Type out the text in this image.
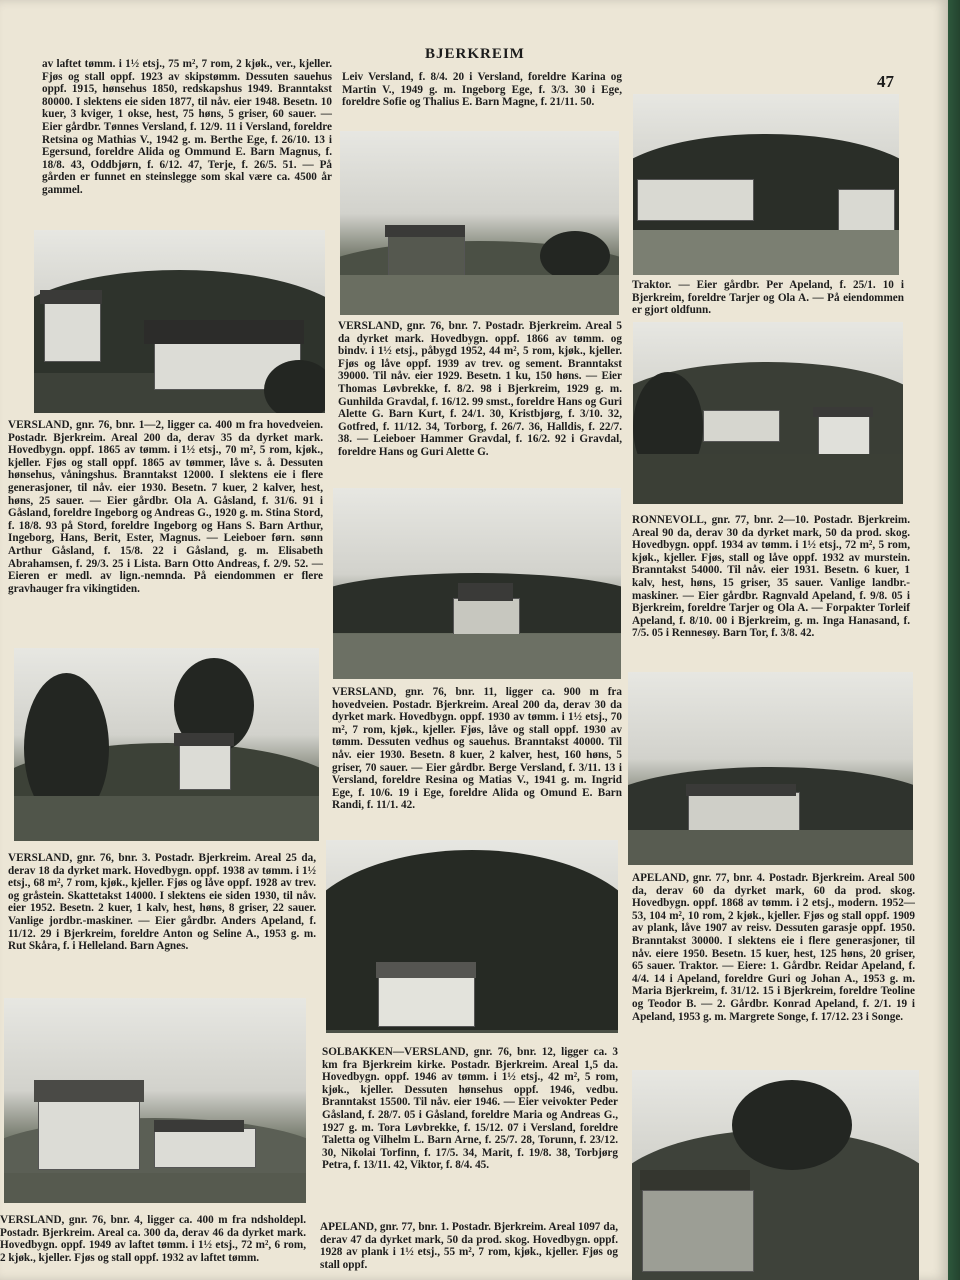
BJERKREIM
47

av laftet tømm. i 1½ etsj., 75 m², 7 rom, 2 kjøk., ver., kjeller. Fjøs og stall oppf. 1923 av skipstømm. Dessuten sauehus oppf. 1915, hønsehus 1850, redskapshus 1949. Branntakst 80000. I slektens eie siden 1877, til nåv. eier 1948. Besetn. 10 kuer, 3 kviger, 1 okse, hest, 75 høns, 5 griser, 60 sauer. — Eier gårdbr. Tønnes Versland, f. 12/9. 11 i Versland, foreldre Retsina og Mathias V., 1942 g. m. Berthe Ege, f. 26/10. 13 i Egersund, foreldre Alida og Ommund E. Barn Magnus, f. 18/8. 43, Oddbjørn, f. 6/12. 47, Terje, f. 26/5. 51. — På gården er funnet en steinslegge som skal være ca. 4500 år gammel.

VERSLAND, gnr. 76, bnr. 1—2, ligger ca. 400 m fra hovedveien. Postadr. Bjerkreim. Areal 200 da, derav 35 da dyrket mark. Hovedbygn. oppf. 1865 av tømm. i 1½ etsj., 70 m², 5 rom, kjøk., kjeller. Fjøs og stall oppf. 1865 av tømmer, låve s. å. Dessuten hønsehus, våningshus. Branntakst 12000. I slektens eie i flere generasjoner, til nåv. eier 1930. Besetn. 7 kuer, 2 kalver, hest, høns, 25 sauer. — Eier gårdbr. Ola A. Gåsland, f. 31/6. 91 i Gåsland, foreldre Ingeborg og Andreas G., 1920 g. m. Stina Stord, f. 18/8. 93 på Stord, foreldre Ingeborg og Hans S. Barn Arthur, Ingeborg, Hans, Berit, Ester, Magnus. — Leieboer førn. sønn Arthur Gåsland, f. 15/8. 22 i Gåsland, g. m. Elisabeth Abrahamsen, f. 29/3. 25 i Lista. Barn Otto Andreas, f. 2/9. 52. — Eieren er medl. av lign.-nemnda. På eiendommen er flere gravhauger fra vikingtiden.

VERSLAND, gnr. 76, bnr. 3. Postadr. Bjerkreim. Areal 25 da, derav 18 da dyrket mark. Hovedbygn. oppf. 1938 av tømm. i 1½ etsj., 68 m², 7 rom, kjøk., kjeller. Fjøs og låve oppf. 1928 av trev. og gråstein. Skattetakst 14000. I slektens eie siden 1930, til nåv. eier 1952. Besetn. 2 kuer, 1 kalv, hest, høns, 8 griser, 22 sauer. Vanlige jordbr.-maskiner. — Eier gårdbr. Anders Apeland, f. 11/12. 29 i Bjerkreim, foreldre Anton og Seline A., 1953 g. m. Rut Skåra, f. i Helleland. Barn Agnes.

VERSLAND, gnr. 76, bnr. 4, ligger ca. 400 m fra ndsholdepl. Postadr. Bjerkreim. Areal ca. 300 da, derav 46 da dyrket mark. Hovedbygn. oppf. 1949 av laftet tømm. i 1½ etsj., 72 m², 6 rom, 2 kjøk., kjeller. Fjøs og stall oppf. 1932 av laftet tømm.

Leiv Versland, f. 8/4. 20 i Versland, foreldre Karina og Martin V., 1949 g. m. Ingeborg Ege, f. 3/3. 30 i Ege, foreldre Sofie og Thalius E. Barn Magne, f. 21/11. 50.

VERSLAND, gnr. 76, bnr. 7. Postadr. Bjerkreim. Areal 5 da dyrket mark. Hovedbygn. oppf. 1866 av tømm. og bindv. i 1½ etsj., påbygd 1952, 44 m², 5 rom, kjøk., kjeller. Fjøs og låve oppf. 1939 av trev. og sement. Branntakst 39000. Til nåv. eier 1929. Besetn. 1 ku, 150 høns. — Eier Thomas Løvbrekke, f. 8/2. 98 i Bjerkreim, 1929 g. m. Gunhilda Gravdal, f. 16/12. 99 smst., foreldre Hans og Guri Alette G. Barn Kurt, f. 24/1. 30, Kristbjørg, f. 3/10. 32, Gotfred, f. 11/12. 34, Torborg, f. 26/7. 36, Halldis, f. 22/7. 38. — Leieboer Hammer Gravdal, f. 16/2. 92 i Gravdal, foreldre Hans og Guri Alette G.

VERSLAND, gnr. 76, bnr. 11, ligger ca. 900 m fra hovedveien. Postadr. Bjerkreim. Areal 200 da, derav 30 da dyrket mark. Hovedbygn. oppf. 1930 av tømm. i 1½ etsj., 70 m², 7 rom, kjøk., kjeller. Fjøs, låve og stall oppf. 1930 av tømm. Dessuten vedhus og sauehus. Branntakst 40000. Til nåv. eier 1930. Besetn. 8 kuer, 2 kalver, hest, 160 høns, 5 griser, 70 sauer. — Eier gårdbr. Berge Versland, f. 3/11. 13 i Versland, foreldre Resina og Matias V., 1941 g. m. Ingrid Ege, f. 10/6. 19 i Ege, foreldre Alida og Omund E. Barn Randi, f. 11/1. 42.

SOLBAKKEN—VERSLAND, gnr. 76, bnr. 12, ligger ca. 3 km fra Bjerkreim kirke. Postadr. Bjerkreim. Areal 1,5 da. Hovedbygn. oppf. 1946 av tømm. i 1½ etsj., 42 m², 5 rom, kjøk., kjeller. Dessuten hønsehus oppf. 1946, vedbu. Branntakst 15500. Til nåv. eier 1946. — Eier veivokter Peder Gåsland, f. 28/7. 05 i Gåsland, foreldre Maria og Andreas G., 1927 g. m. Tora Løvbrekke, f. 15/12. 07 i Versland, foreldre Taletta og Vilhelm L. Barn Arne, f. 25/7. 28, Torunn, f. 23/12. 30, Nikolai Torfinn, f. 17/5. 34, Marit, f. 19/8. 38, Torbjørg Petra, f. 13/11. 42, Viktor, f. 8/4. 45.

APELAND, gnr. 77, bnr. 1. Postadr. Bjerkreim. Areal 1097 da, derav 47 da dyrket mark, 50 da prod. skog. Hovedbygn. oppf. 1928 av plank i 1½ etsj., 55 m², 7 rom, kjøk., kjeller. Fjøs og stall oppf.

Traktor. — Eier gårdbr. Per Apeland, f. 25/1. 10 i Bjerkreim, foreldre Tarjer og Ola A. — På eiendommen er gjort oldfunn.

RONNEVOLL, gnr. 77, bnr. 2—10. Postadr. Bjerkreim. Areal 90 da, derav 30 da dyrket mark, 50 da prod. skog. Hovedbygn. oppf. 1934 av tømm. i 1½ etsj., 72 m², 5 rom, kjøk., kjeller. Fjøs, stall og låve oppf. 1932 av murstein. Branntakst 54000. Til nåv. eier 1931. Besetn. 6 kuer, 1 kalv, hest, høns, 15 griser, 35 sauer. Vanlige landbr.-maskiner. — Eier gårdbr. Ragnvald Apeland, f. 9/8. 05 i Bjerkreim, foreldre Tarjer og Ola A. — Forpakter Torleif Apeland, f. 8/10. 00 i Bjerkreim, g. m. Inga Hanasand, f. 7/5. 05 i Rennesøy. Barn Tor, f. 3/8. 42.

APELAND, gnr. 77, bnr. 4. Postadr. Bjerkreim. Areal 500 da, derav 60 da dyrket mark, 60 da prod. skog. Hovedbygn. oppf. 1868 av tømm. i 2 etsj., modern. 1952—53, 104 m², 10 rom, 2 kjøk., kjeller. Fjøs og stall oppf. 1909 av plank, låve 1907 av reisv. Dessuten garasje oppf. 1950. Branntakst 30000. I slektens eie i flere generasjoner, til nåv. eiere 1950. Besetn. 15 kuer, hest, 125 høns, 20 griser, 65 sauer. Traktor. — Eiere: 1. Gårdbr. Reidar Apeland, f. 4/4. 14 i Apeland, foreldre Guri og Johan A., 1953 g. m. Maria Bjerkreim, f. 31/12. 15 i Bjerkreim, foreldre Teoline og Teodor B. — 2. Gårdbr. Konrad Apeland, f. 2/1. 19 i Apeland, 1953 g. m. Margrete Songe, f. 17/12. 23 i Songe.
